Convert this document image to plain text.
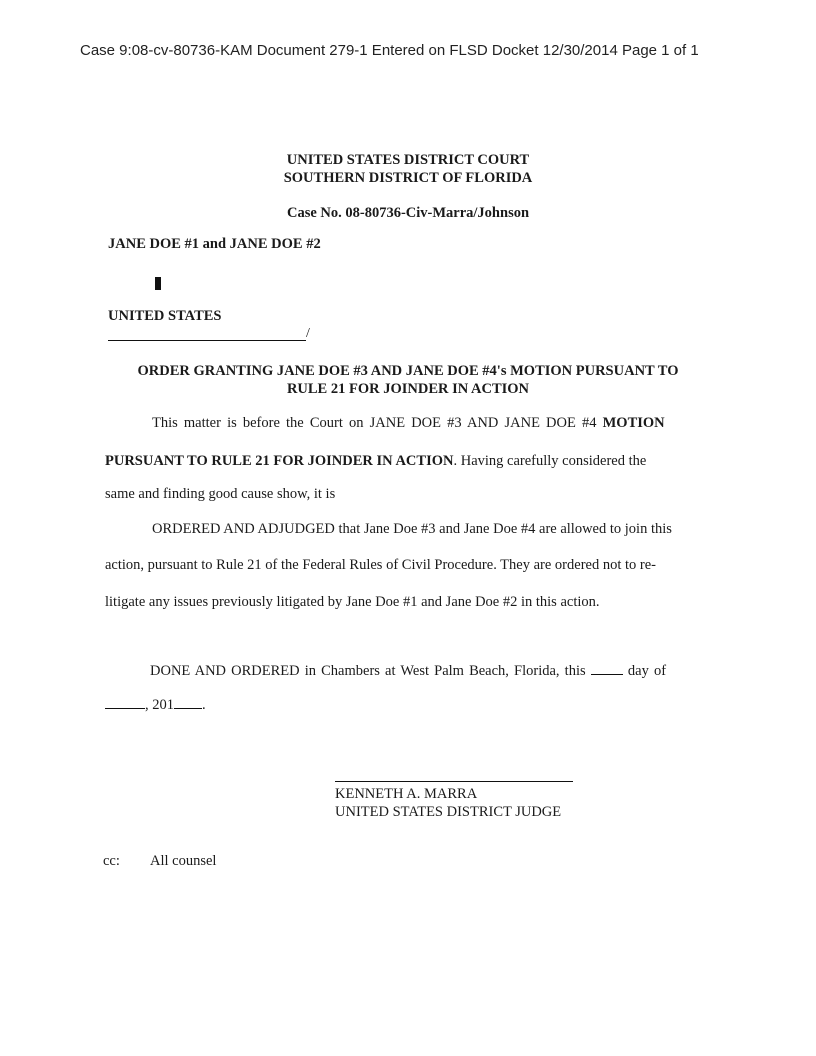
Case 9:08-cv-80736-KAM Document 279-1 Entered on FLSD Docket 12/30/2014 Page 1 of 1
UNITED STATES DISTRICT COURT
SOUTHERN DISTRICT OF FLORIDA
Case No. 08-80736-Civ-Marra/Johnson
JANE DOE #1 and JANE DOE #2
UNITED STATES
/
ORDER GRANTING JANE DOE #3 AND JANE DOE #4's MOTION PURSUANT TO
RULE 21 FOR JOINDER IN ACTION
This matter is before the Court on JANE DOE #3 AND JANE DOE #4 MOTION
PURSUANT TO RULE 21 FOR JOINDER IN ACTION. Having carefully considered the
same and finding good cause show, it is
ORDERED AND ADJUDGED that Jane Doe #3 and Jane Doe #4 are allowed to join this
action, pursuant to Rule 21 of the Federal Rules of Civil Procedure. They are ordered not to re-
litigate any issues previously litigated by Jane Doe #1 and Jane Doe #2 in this action.
DONE AND ORDERED in Chambers at West Palm Beach, Florida, this  day of
, 201 .
KENNETH A. MARRA
UNITED STATES DISTRICT JUDGE
cc: All counsel
